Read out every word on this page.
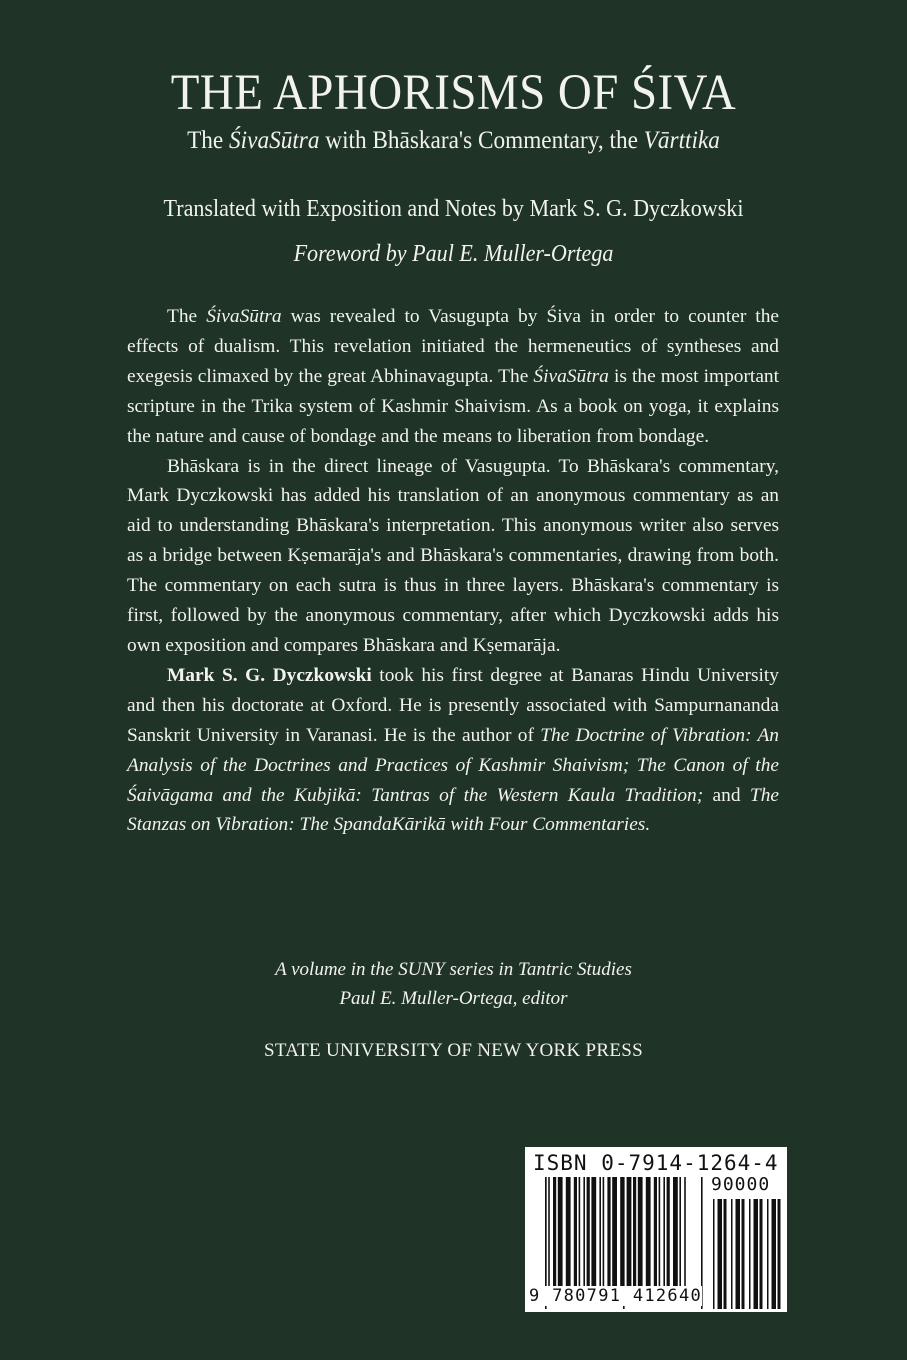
THE APHORISMS OF ŚIVA
The ŚivaSūtra with Bhāskara's Commentary, the Vārttika
Translated with Exposition and Notes by Mark S. G. Dyczkowski
Foreword by Paul E. Muller-Ortega

The ŚivaSūtra was revealed to Vasugupta by Śiva in order to counter the effects of dualism. This revelation initiated the hermeneutics of syntheses and exegesis climaxed by the great Abhinavagupta. The ŚivaSūtra is the most important scripture in the Trika system of Kashmir Shaivism. As a book on yoga, it explains the nature and cause of bondage and the means to liberation from bondage.

Bhāskara is in the direct lineage of Vasugupta. To Bhāskara's commentary, Mark Dyczkowski has added his translation of an anonymous commentary as an aid to understanding Bhāskara's interpretation. This anonymous writer also serves as a bridge between Kṣemarāja's and Bhāskara's commentaries, drawing from both. The commentary on each sutra is thus in three layers. Bhāskara's commentary is first, followed by the anonymous commentary, after which Dyczkowski adds his own exposition and compares Bhāskara and Kṣemarāja.

Mark S. G. Dyczkowski took his first degree at Banaras Hindu University and then his doctorate at Oxford. He is presently associated with Sampurnananda Sanskrit University in Varanasi. He is the author of The Doctrine of Vibration: An Analysis of the Doctrines and Practices of Kashmir Shaivism; The Canon of the Śaivāgama and the Kubjikā: Tantras of the Western Kaula Tradition; and The Stanzas on Vibration: The SpandaKārikā with Four Commentaries.

A volume in the SUNY series in Tantric Studies
Paul E. Muller-Ortega, editor
STATE UNIVERSITY OF NEW YORK PRESS
ISBN 0-7914-1264-4
90000
9 780791 412640
